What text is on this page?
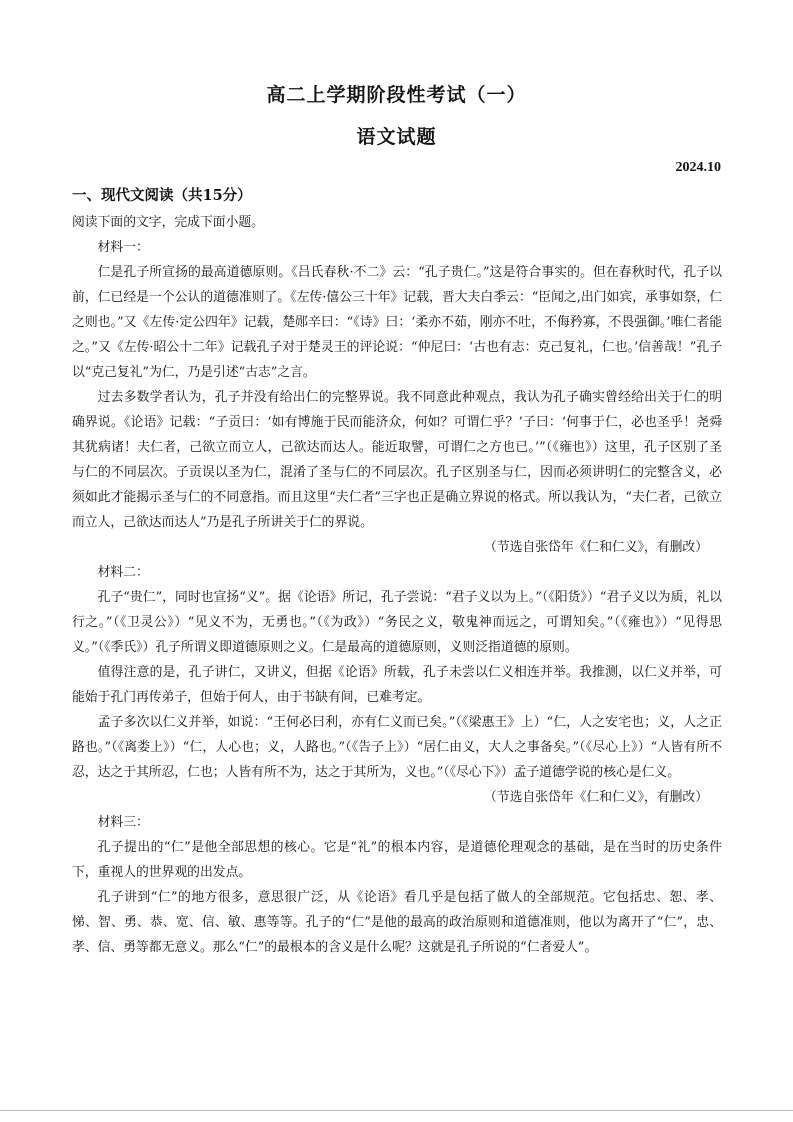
高二上学期阶段性考试（一）
语文试题
2024.10
一、现代文阅读（共15分）

阅读下面的文字，完成下面小题。

材料一：

仁是孔子所宣扬的最高道德原则。《吕氏春秋·不二》云：“孔子贵仁。”这是符合事实的。但在春秋时代，孔子以前，仁已经是一个公认的道德准则了。《左传·僖公三十年》记载，晋大夫白季云：“臣闻之,出门如宾，承事如祭，仁之则也。”又《左传·定公四年》记载，楚郧辛曰：“《诗》曰：‘柔亦不茹，刚亦不吐，不侮矜寡，不畏强御。’唯仁者能之。”又《左传·昭公十二年》记载孔子对于楚灵王的评论说：“仲尼曰：‘古也有志：克己复礼，仁也。’信善哉！”孔子以“克己复礼”为仁，乃是引述“古志”之言。

过去多数学者认为，孔子并没有给出仁的完整界说。我不同意此种观点，我认为孔子确实曾经给出关于仁的明确界说。《论语》记载：“子贡曰：‘如有博施于民而能济众，何如？可谓仁乎？’子曰：‘何事于仁，必也圣乎！尧舜其犹病诸！夫仁者，己欲立而立人，己欲达而达人。能近取譬，可谓仁之方也已。’”（《雍也》）这里，孔子区别了圣与仁的不同层次。子贡误以圣为仁，混淆了圣与仁的不同层次。孔子区别圣与仁，因而必须讲明仁的完整含义，必须如此才能揭示圣与仁的不同意指。而且这里“夫仁者”三字也正是确立界说的格式。所以我认为，“夫仁者，己欲立而立人，己欲达而达人”乃是孔子所讲关于仁的界说。

（节选自张岱年《仁和仁义》，有删改）

材料二：

孔子“贵仁”，同时也宣扬“义”。据《论语》所记，孔子尝说：“君子义以为上。”（《阳货》）“君子义以为质，礼以行之。”（《卫灵公》）“见义不为，无勇也。”（《为政》）“务民之义，敬鬼神而远之，可谓知矣。”（《雍也》）“见得思义。”（《季氏》）孔子所谓义即道德原则之义。仁是最高的道德原则，义则泛指道德的原则。

值得注意的是，孔子讲仁，又讲义，但据《论语》所载，孔子未尝以仁义相连并举。我推测，以仁义并举，可能始于孔门再传弟子，但始于何人，由于书缺有间，已难考定。

孟子多次以仁义并举，如说：“王何必曰利，亦有仁义而已矣。”（《梁惠王》上）“仁，人之安宅也；义，人之正路也。”（《离娄上》）“仁，人心也；义，人路也。”（《告子上》）“居仁由义，大人之事备矣。”（《尽心上》）“人皆有所不忍，达之于其所忍，仁也；人皆有所不为，达之于其所为，义也。”（《尽心下》）孟子道德学说的核心是仁义。

（节选自张岱年《仁和仁义》，有删改）

材料三：

孔子提出的“仁”是他全部思想的核心。它是“礼”的根本内容，是道德伦理观念的基础，是在当时的历史条件下，重视人的世界观的出发点。

孔子讲到“仁”的地方很多，意思很广泛，从《论语》看几乎是包括了做人的全部规范。它包括忠、恕、孝、悌、智、勇、恭、宽、信、敏、惠等等。孔子的“仁”是他的最高的政治原则和道德准则，他以为离开了“仁”，忠、孝、信、勇等都无意义。那么“仁”的最根本的含义是什么呢？这就是孔子所说的“仁者爱人”。
